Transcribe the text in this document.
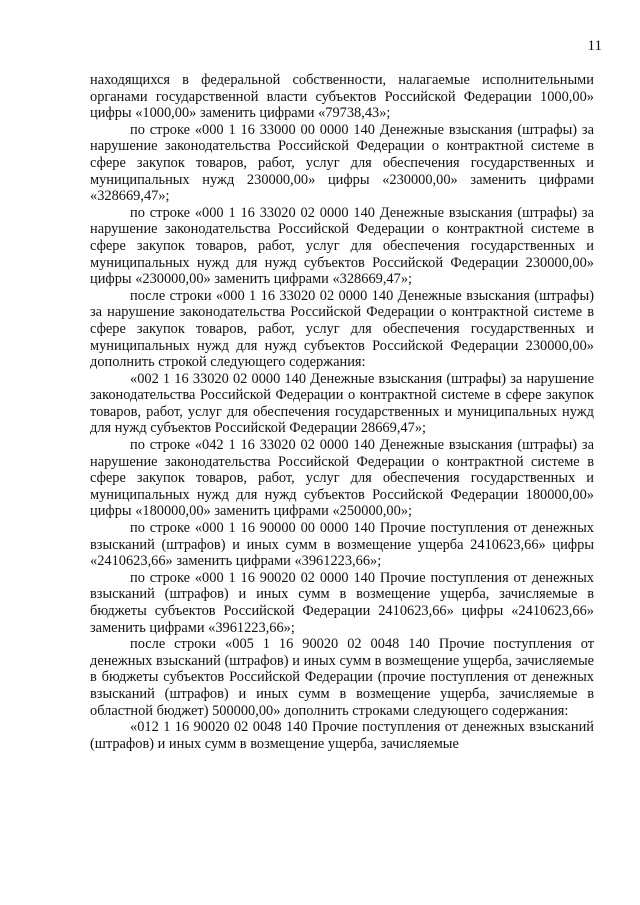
11

находящихся в федеральной собственности, налагаемые исполнительными органами государственной власти субъектов Российской Федерации 1000,00» цифры «1000,00» заменить цифрами «79738,43»;

по строке «000 1 16 33000 00 0000 140 Денежные взыскания (штрафы) за нарушение законодательства Российской Федерации о контрактной системе в сфере закупок товаров, работ, услуг для обеспечения государственных и муниципальных нужд 230000,00» цифры «230000,00» заменить цифрами «328669,47»;

по строке «000 1 16 33020 02 0000 140 Денежные взыскания (штрафы) за нарушение законодательства Российской Федерации о контрактной системе в сфере закупок товаров, работ, услуг для обеспечения государственных и муниципальных нужд для нужд субъектов Российской Федерации 230000,00» цифры «230000,00» заменить цифрами «328669,47»;

после строки «000 1 16 33020 02 0000 140 Денежные взыскания (штрафы) за нарушение законодательства Российской Федерации о контрактной системе в сфере закупок товаров, работ, услуг для обеспечения государственных и муниципальных нужд для нужд субъектов Российской Федерации 230000,00» дополнить строкой следующего содержания:

«002 1 16 33020 02 0000 140 Денежные взыскания (штрафы) за нарушение законодательства Российской Федерации о контрактной системе в сфере закупок товаров, работ, услуг для обеспечения государственных и муниципальных нужд для нужд субъектов Российской Федерации 28669,47»;

по строке «042 1 16 33020 02 0000 140 Денежные взыскания (штрафы) за нарушение законодательства Российской Федерации о контрактной системе в сфере закупок товаров, работ, услуг для обеспечения государственных и муниципальных нужд для нужд субъектов Российской Федерации 180000,00» цифры «180000,00» заменить цифрами «250000,00»;

по строке «000 1 16 90000 00 0000 140 Прочие поступления от денежных взысканий (штрафов) и иных сумм в возмещение ущерба 2410623,66» цифры «2410623,66» заменить цифрами «3961223,66»;

по строке «000 1 16 90020 02 0000 140 Прочие поступления от денежных взысканий (штрафов) и иных сумм в возмещение ущерба, зачисляемые в бюджеты субъектов Российской Федерации 2410623,66» цифры «2410623,66» заменить цифрами «3961223,66»;

после строки «005 1 16 90020 02 0048 140 Прочие поступления от денежных взысканий (штрафов) и иных сумм в возмещение ущерба, зачисляемые в бюджеты субъектов Российской Федерации (прочие поступления от денежных взысканий (штрафов) и иных сумм в возмещение ущерба, зачисляемые в областной бюджет) 500000,00» дополнить строками следующего содержания:

«012 1 16 90020 02 0048 140 Прочие поступления от денежных взысканий (штрафов) и иных сумм в возмещение ущерба, зачисляемые
